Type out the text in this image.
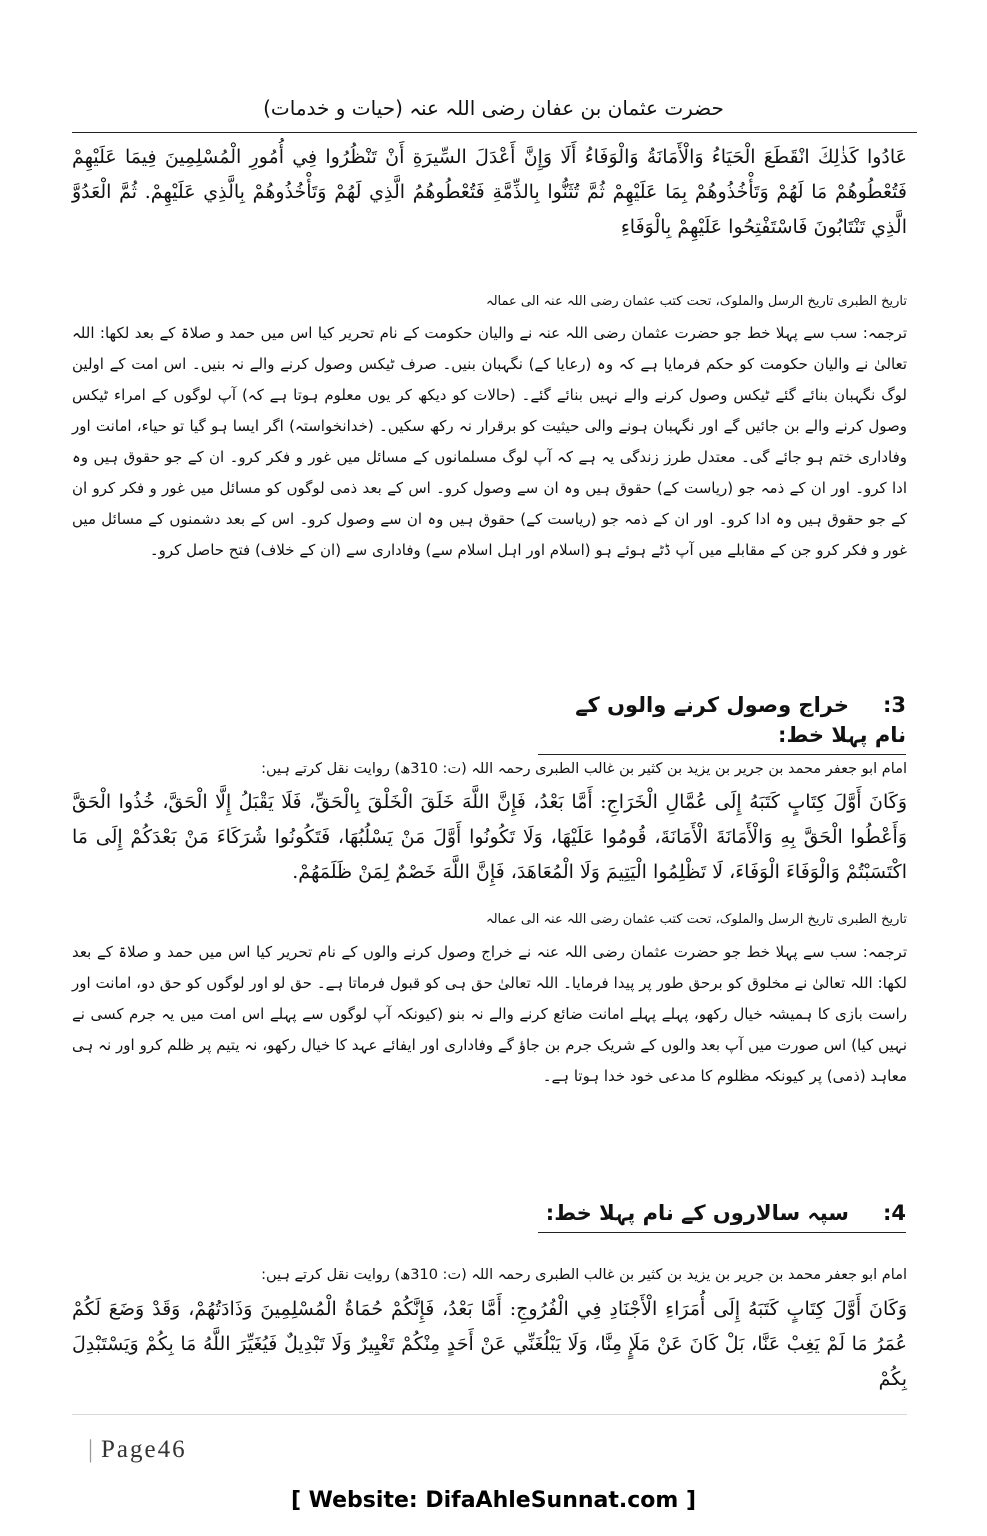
حضرت عثمان بن عفان رضی اللہ عنہ (حیات و خدمات)
عَادُوا كَذٰلِكَ انْقَطَعَ الْحَيَاءُ وَالْأَمَانَةُ وَالْوَفَاءُ أَلَا وَإِنَّ أَعْدَلَ السِّيرَةِ أَنْ تَنْظُرُوا فِي أُمُورِ الْمُسْلِمِينَ فِيمَا عَلَيْهِمْ فَتُعْطُوهُمْ مَا لَهُمْ وَتَأْخُذُوهُمْ بِمَا عَلَيْهِمْ ثُمَّ تُثَنُّوا بِالذِّمَّةِ فَتُعْطُوهُمُ الَّذِي لَهُمْ وَتَأْخُذُوهُمْ بِالَّذِي عَلَيْهِمْ. ثُمَّ الْعَدُوَّ الَّذِي تَنْتَابُونَ فَاسْتَفْتِحُوا عَلَيْهِمْ بِالْوَفَاءِ
تاریخ الطبری تاریخ الرسل والملوک، تحت کتب عثمان رضی اللہ عنہ الی عمالہ
ترجمہ: سب سے پہلا خط جو حضرت عثمان رضی اللہ عنہ نے والیان حکومت کے نام تحریر کیا اس میں حمد و صلاۃ کے بعد لکھا: اللہ تعالیٰ نے والیان حکومت کو حکم فرمایا ہے کہ وہ (رعایا کے) نگہبان بنیں۔ صرف ٹیکس وصول کرنے والے نہ بنیں۔ اس امت کے اولین لوگ نگہبان بنائے گئے ٹیکس وصول کرنے والے نہیں بنائے گئے۔ (حالات کو دیکھ کر یوں معلوم ہوتا ہے کہ) آپ لوگوں کے امراء ٹیکس وصول کرنے والے بن جائیں گے اور نگہبان ہونے والی حیثیت کو برقرار نہ رکھ سکیں۔ (خدانخواستہ) اگر ایسا ہو گیا تو حیاء، امانت اور وفاداری ختم ہو جائے گی۔ معتدل طرز زندگی یہ ہے کہ آپ لوگ مسلمانوں کے مسائل میں غور و فکر کرو۔ ان کے جو حقوق ہیں وہ ادا کرو۔ اور ان کے ذمہ جو (ریاست کے) حقوق ہیں وہ ان سے وصول کرو۔ اس کے بعد ذمی لوگوں کو مسائل میں غور و فکر کرو ان کے جو حقوق ہیں وہ ادا کرو۔ اور ان کے ذمہ جو (ریاست کے) حقوق ہیں وہ ان سے وصول کرو۔ اس کے بعد دشمنوں کے مسائل میں غور و فکر کرو جن کے مقابلے میں آپ ڈٹے ہوئے ہو (اسلام اور اہل اسلام سے) وفاداری سے (ان کے خلاف) فتح حاصل کرو۔
3:خراج وصول کرنے والوں کے نام پہلا خط:
امام ابو جعفر محمد بن جریر بن یزید بن کثیر بن غالب الطبری رحمہ اللہ (ت: 310ھ) روایت نقل کرتے ہیں:
وَكَانَ أَوَّلَ كِتَابٍ كَتَبَهُ إِلَى عُمَّالِ الْخَرَاجِ: أَمَّا بَعْدُ، فَإِنَّ اللَّهَ خَلَقَ الْخَلْقَ بِالْحَقِّ، فَلَا يَقْبَلُ إِلَّا الْحَقَّ، خُذُوا الْحَقَّ وَأَعْطُوا الْحَقَّ بِهِ وَالْأَمَانَةَ الْأَمَانَةَ، قُومُوا عَلَيْهَا، وَلَا تَكُونُوا أَوَّلَ مَنْ يَسْلُبُهَا، فَتَكُونُوا شُرَكَاءَ مَنْ بَعْدَكُمْ إِلَى مَا اكْتَسَبْتُمْ وَالْوَفَاءَ الْوَفَاءَ، لَا تَظْلِمُوا الْيَتِيمَ وَلَا الْمُعَاهَدَ، فَإِنَّ اللَّهَ خَصْمٌ لِمَنْ ظَلَمَهُمْ.
تاریخ الطبری تاریخ الرسل والملوک، تحت کتب عثمان رضی اللہ عنہ الی عمالہ
ترجمہ: سب سے پہلا خط جو حضرت عثمان رضی اللہ عنہ نے خراج وصول کرنے والوں کے نام تحریر کیا اس میں حمد و صلاۃ کے بعد لکھا: اللہ تعالیٰ نے مخلوق کو برحق طور پر پیدا فرمایا۔ اللہ تعالیٰ حق ہی کو قبول فرماتا ہے۔ حق لو اور لوگوں کو حق دو، امانت اور راست بازی کا ہمیشہ خیال رکھو، پہلے پہلے امانت ضائع کرنے والے نہ بنو (کیونکہ آپ لوگوں سے پہلے اس امت میں یہ جرم کسی نے نہیں کیا) اس صورت میں آپ بعد والوں کے شریک جرم بن جاؤ گے وفاداری اور ایفائے عہد کا خیال رکھو، نہ یتیم پر ظلم کرو اور نہ ہی معاہد (ذمی) پر کیونکہ مظلوم کا مدعی خود خدا ہوتا ہے۔
4:سپہ سالاروں کے نام پہلا خط:
امام ابو جعفر محمد بن جریر بن یزید بن کثیر بن غالب الطبری رحمہ اللہ (ت: 310ھ) روایت نقل کرتے ہیں:
وَكَانَ أَوَّلَ كِتَابٍ كَتَبَهُ إِلَى أُمَرَاءِ الْأَجْنَادِ فِي الْفُرُوجِ: أَمَّا بَعْدُ، فَإِنَّكُمْ حُمَاةُ الْمُسْلِمِينَ وَذَادَتُهُمْ، وَقَدْ وَضَعَ لَكُمْ عُمَرُ مَا لَمْ يَغِبْ عَنَّا، بَلْ كَانَ عَنْ مَلَإٍ مِنَّا، وَلَا يَبْلُغَنِّي عَنْ أَحَدٍ مِنْكُمْ تَغْيِيرٌ وَلَا تَبْدِيلٌ فَيُغَيِّرَ اللَّهُ مَا بِكُمْ وَيَسْتَبْدِلَ بِكُمْ
| Page46
[ Website: DifaAhleSunnat.com ]
